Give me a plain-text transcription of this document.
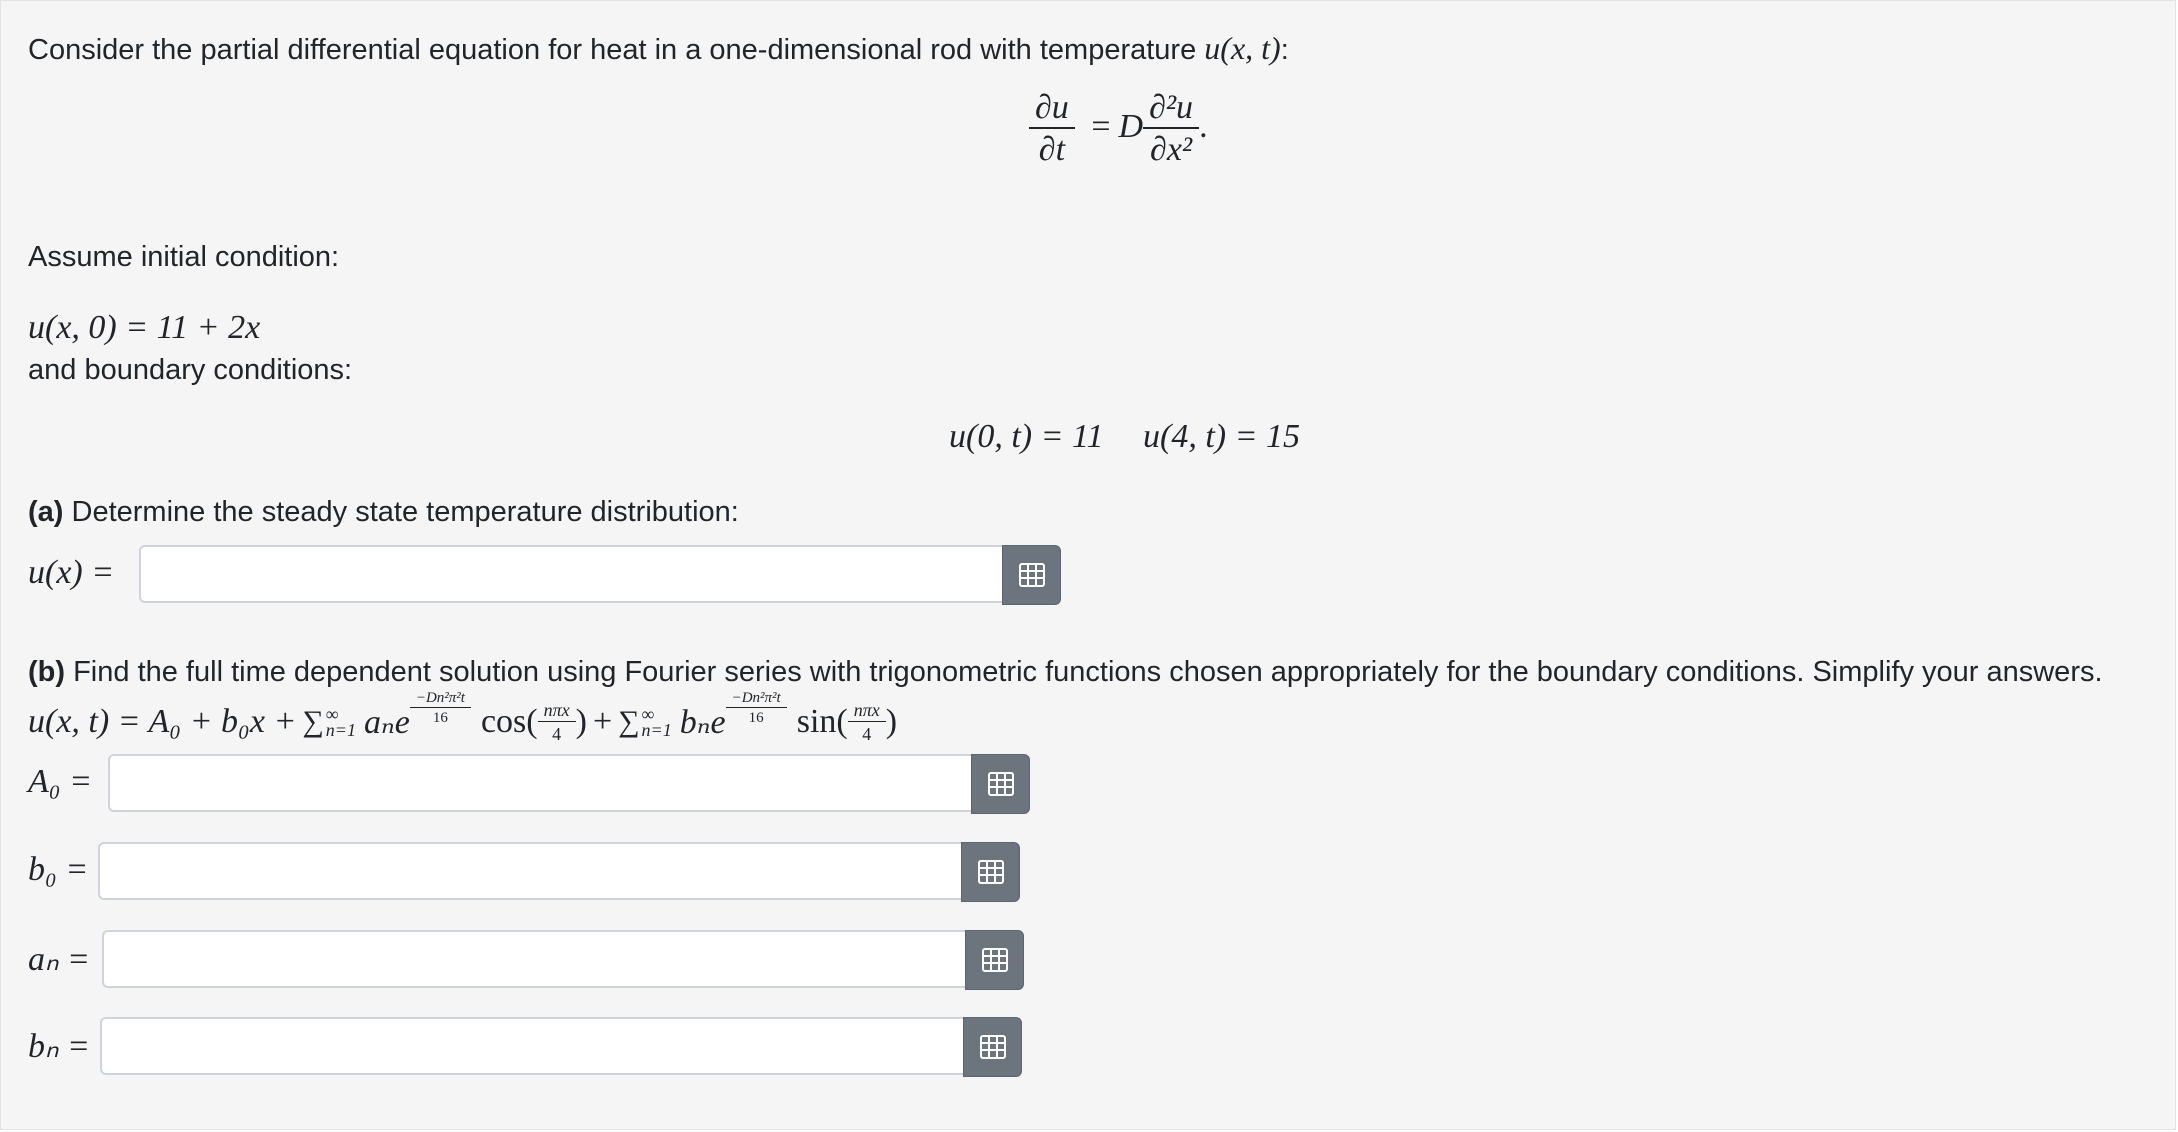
Consider the partial differential equation for heat in a one-dimensional rod with temperature u(x, t):
$\frac{\partial u}{\partial t} = D \frac{\text{∂²u}}{\text{∂x²}}$ .
Assume initial condition:
u(x, 0) = 11 + 2x
and boundary conditions:
u(0, t) = 11 u(4, t) = 15
(a) Determine the steady state temperature distribution:
u(x) =
(b) Find the full time dependent solution using Fourier series with trigonometric functions chosen appropriately for the boundary conditions. Simplify your answers.
u(x, t) = A₀ + b₀x + ∑ ∞
n=1 aₙe $\frac{\text{−Dn²π²t}}{16} \cos( \frac{\text{nπx}}{4}$ ) + ∑ ∞
n=1 bₙe $\frac{\text{−Dn²π²t}}{16} \sin( \frac{\text{nπx}}{4}$ )
A₀ =
b₀ =
aₙ =
bₙ =
